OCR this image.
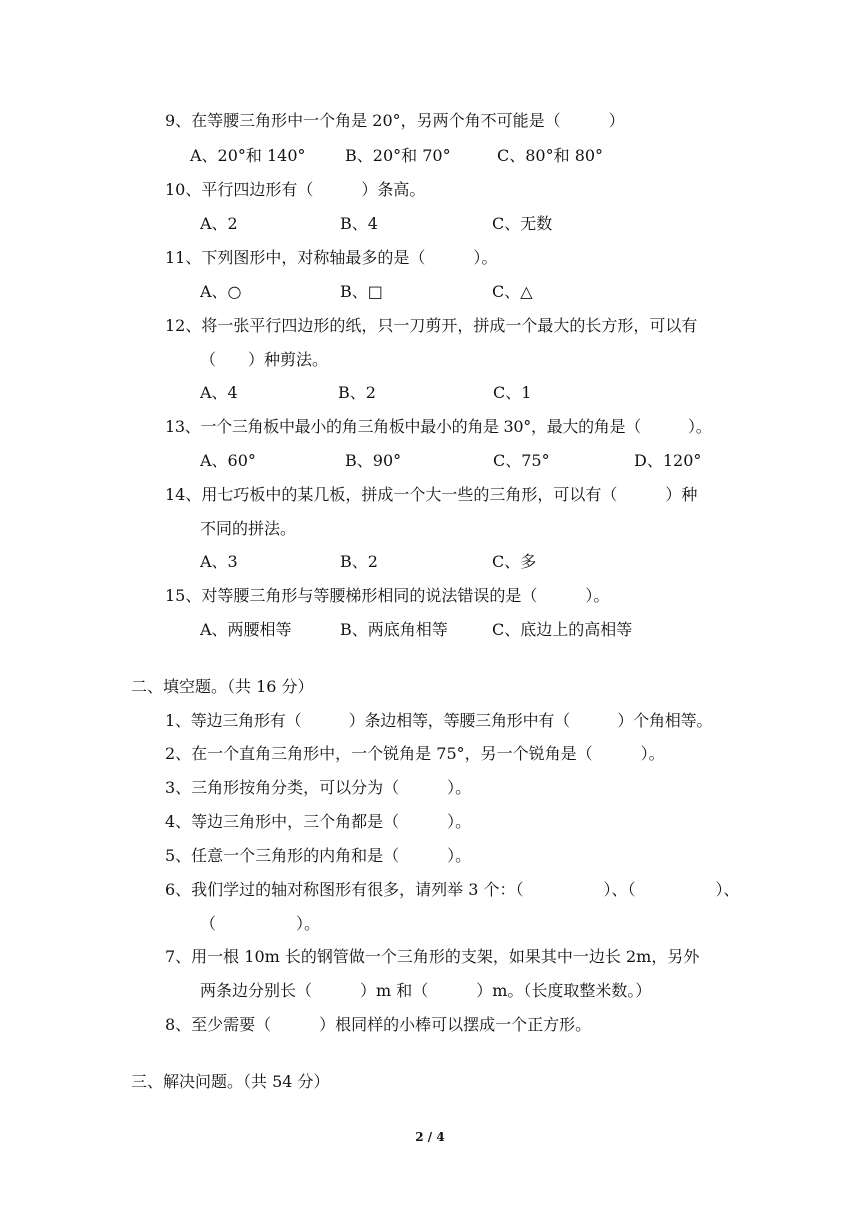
9、在等腰三角形中一个角是 20°，另两个角不可能是（　　　）
A、20°和 140° B、20°和 70°	C、80°和 80°
10、平行四边形有（　　　）条高。
A、2	B、4	C、无数
11、下列图形中，对称轴最多的是（　　　）。
A、○	B、□	C、△
12、将一张平行四边形的纸，只一刀剪开，拼成一个最大的长方形，可以有
（　　）种剪法。
A、4	B、2	C、1
13、一个三角板中最小的角三角板中最小的角是 30°，最大的角是（　　　）。
A、60°	B、90°	C、75°	D、120°
14、用七巧板中的某几板，拼成一个大一些的三角形，可以有（　　　）种
不同的拼法。
A、3	B、2	C、多
15、对等腰三角形与等腰梯形相同的说法错误的是（　　　）。
A、两腰相等	B、两底角相等	C、底边上的高相等
二、填空题。（共 16 分）
1、等边三角形有（　　　）条边相等，等腰三角形中有（　　　）个角相等。
2、在一个直角三角形中，一个锐角是 75°，另一个锐角是（　　　）。
3、三角形按角分类，可以分为（　　　）。
4、等边三角形中，三个角都是（　　　）。
5、任意一个三角形的内角和是（　　　）。
6、我们学过的轴对称图形有很多，请列举 3 个：（　　　　　）、（　　　　　）、
（　　　　　）。
7、用一根 10m 长的钢管做一个三角形的支架，如果其中一边长 2m，另外
两条边分别长（　　　）m 和（　　　）m。（长度取整米数。）
8、至少需要（　　　）根同样的小棒可以摆成一个正方形。
三、解决问题。（共 54 分）
2 / 4
